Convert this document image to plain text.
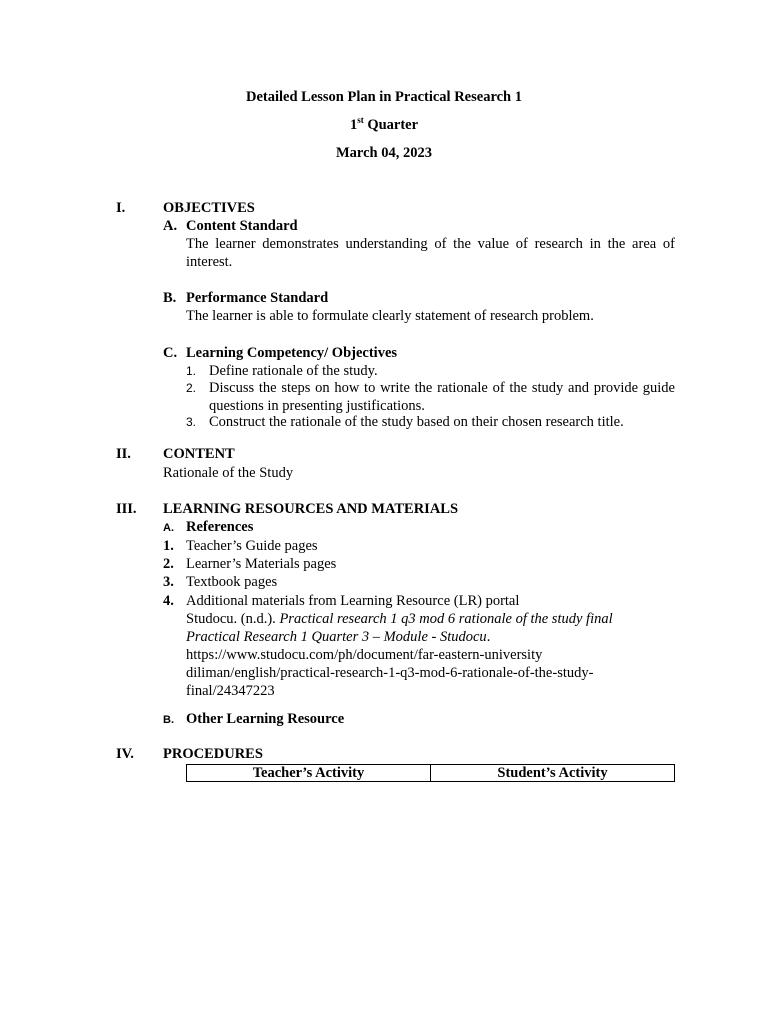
Detailed Lesson Plan in Practical Research 1
1st Quarter
March 04, 2023
I.	OBJECTIVES
A. Content Standard
The learner demonstrates understanding of the value of research in the area of interest.
B. Performance Standard
The learner is able to formulate clearly statement of research problem.
C. Learning Competency/ Objectives
1. Define rationale of the study.
2. Discuss the steps on how to write the rationale of the study and provide guide questions in presenting justifications.
3. Construct the rationale of the study based on their chosen research title.
II. CONTENT
Rationale of the Study
III. LEARNING RESOURCES AND MATERIALS
A. References
1. Teacher’s Guide pages
2. Learner’s Materials pages
3. Textbook pages
4. Additional materials from Learning Resource (LR) portal
Studocu. (n.d.). Practical research 1 q3 mod 6 rationale of the study final Practical Research 1 Quarter 3 – Module - Studocu.
https://www.studocu.com/ph/document/far-eastern-university diliman/english/practical-research-1-q3-mod-6-rationale-of-the-study-final/24347223
B. Other Learning Resource
IV. PROCEDURES
Teacher’s Activity	Student’s Activity
